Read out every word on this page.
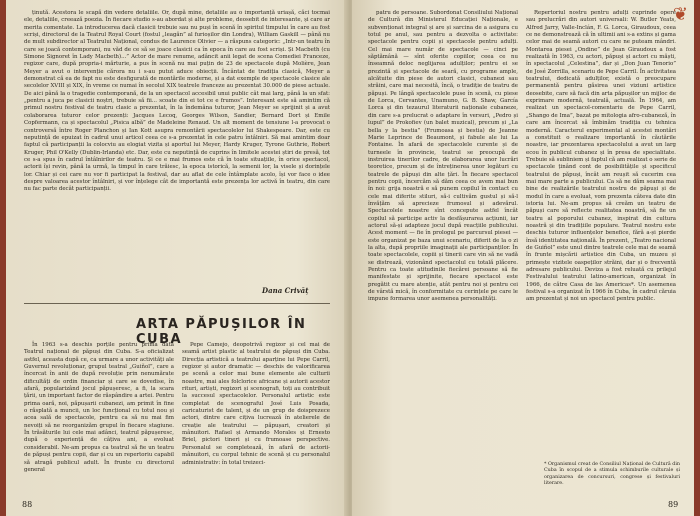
ținută. Acestora le scapă din vedere detaliile. Or, după mine, detaliile au o importanță uriașă, căci tocmai ele, detaliile, creează poezia. În fiecare studio s-au abordat și alte probleme, deosebit de interesante, și care ar merita comentate. La introducerea dacă clasicii trebuie sau nu puși în scenă în spiritul timpului în care au fost scriși, directorul de la Teatrul Royal Court (fostul „leagăn” al furioșilor din Londra), William Gaskill — până nu de mult subdirector al Teatrului Național, condus de Laurence Olivier — a răspuns categoric: „Intr-un teatru în care se joacă contemporani, nu văd de ce să se joace clasicii ca în epoca în care au fost scriși. Și Macbeth (cu Simone Signoret în Lady Macbeth)...” Actor de mare renume, adâncit anii legat de scena Comediei Franceze, regizor care, după propria-i mărturie, a pus în scenă nu mai puțin de 23 de spectacole după Molière, Jean Meyer a avut o intervenție cărora nu i s-au putut aduce obiecții. Încântat de tradiția clasică, Meyer a demonstrat că ea de fapt nu este desfigurată de montările moderne, și a dat exemple de spectacole clasice ale secolelor XVIII și XIX, în vreme ce numai în secolul XIX teatrele franceze au prezentat 30.000 de piese actuale. De aici până la o tragedie contemporană, de la un spectacol accesibil unui public cât mai larg, până la un sfat: „pentru a juca pe clasicii noștri, trebuie să fii... scoate din ei tot ce e frumos”. Interesant este să amintim că primul nostru festival de teatru clasic a prezentat, în la îndemâna tuturor, Jean Meyer se sprijinit și a avut colaborarea tuturor celor prezenți: Jacques Lecoq, Georges Wilson, Sandier, Bernard Dort și Emile Copfermann, ca și spectacolul „Pisica albă” de Madeleine Renaud. Un alt moment de tensiune l-a provocat o controversă între Roger Planchon și Ian Kott asupra remontării spectacolelor lui Shakespeare. Dar, este cu neputință de epuizat în cadrul unui articol ceea ce s-a prezentat în cele patru întâlniri. Să mai amintim doar faptul că participanții la colocviu au elogiat vizita și aportul lui Meyer, Hardy Kruger, Tyrone Guthrie, Robert Kruger, Phil O'Kelly (Dublin-Irlanda) etc. Dar, este cu neputință de cuprins în limitele acestei știri de presă, tot ce s-a spus în cadrul întâlnirilor de teatru. Și ce e mai frumos este că în toate situațiile, în orice spectacol, actorii își revin, până la urmă, la timpul în care trăiesc, la epoca istorică, la semenii lor, la visele și dorințele lor. Chiar și cei care nu vor fi participat la festival, dar au aflat de cele întâmplate acolo, își vor face o idee despre valoarea acestor întâlniri, și vor înțelege cât de importantă este prezența lor activă în teatru, din care nu fac parte decât participanții.

Dana Crivăț
ARTA PĂPUȘILOR ÎN CUBA

În 1963 s-a deschis porțile pentru prima dată Teatrul național de păpuși din Cuba. S-a oficializat astfel, aceasta după ce, ca urmare a unor activități ale Guvernul revoluționar, grupul teatral „Guiñol”, care a încercat în anii de după revoluție prin nenumărate dificultăți de ordin financiar și care se dovedise, în afară, popularizând jocul păpușeresc, a fi, la scara țării, un important factor de răspândire a artei. Pentru prima oară, noi, păpușarii cubanezi, am primit în fine o răsplată a muncii, un loc funcțional cu totul nou și acea sală de spectacole, pentru ca să nu mai fim nevoiți să ne reorganizăm grupul în fiecare stagiune. În trăsăturile lui cele mai adânci, teatrul păpușeresc, după o experiență de câțiva ani, a evoluat considerabil. Ne-am propus ca teatrul să fie un teatru de păpuși pentru copii, dar și cu un repertoriu capabil să atragă publicul adult. În frunte cu directorul general

Pepe Camejo, deopotrivă regizor și cel mai de seamă artist plastic al teatrului de păpuși din Cuba. Direcția artistică a teatrului aparține lui Pepe Carril, regizor și autor dramatic — deschis de valorificarea pe scenă a celor mai bune elemente ale culturii noastre, mai ales folclorice africane și autorii acestor rituri, artiști, regizori și scenografi, toți au contribuit la succesul spectacolelor. Personalul artistic este completat de scenograful José Luis Posada, caricaturist de talent, și de un grup de doisprezece actori, dintre care cițiva lucrează în atelierele de creație ale teatrului — păpușari, creatori și mânuitori. Rafael și Armando Morales și Ernesto Briel, pictori tineri și cu frumoase perspective. Personalul se completează, în afară de actorii-mânuitori, cu corpul tehnic de scenă și cu personalul administrativ: în total treizeci-

88
❦

patru de persoane. Subordonat Consiliului Național de Cultură din Ministerul Educației Naționale, e subvenționat integral și are și sarcina de a asigura cu totul pe anul, sau pentru a dezvolta o activitate: spectacole pentru copii și spectacole pentru adulți. Cel mai mare număr de spectacole — cinci pe săptămână — sînt oferite copiilor, ceea ce nu înseamnă deloc neglijarea adulților; pentru ei se prezintă și spectacole de seară, cu programe ample, alcătuite din piese de autori clasici, cubanezi sau străini, care mai necesită, încă, o tradiție de teatru de păpuși. Pe lângă spectacolele puse în scenă, cu piese de Lorca, Cervantes, Unamuno, G. B. Shaw, García Lorca și din tezaurul literaturii naționale cubaneze, din care s-a prelucrat o adaptare în versuri, „Pedro și lupul” de Prokofiev (un balet muzical), precum și „La bella y la bestia” (Frumoasa și bestia) de Jeanne Marie Leprince de Beaumont, și fabule ale lui La Fontaine. În afară de spectacolele curente și de turneele în provincie, teatrul se preocupă de instruirea tinerilor cadre, de elaborarea unor lucrări teoretice, precum și de întreținerea unor legături cu teatrele de păpuși din alte țări. În fiecare spectacol pentru copii, încercăm să dăm ceea ce avem mai bun în noi: grija noastră e să punem copilul în contact cu cele mai diferite stiluri, să-i cultivăm gustul și să-l învățăm să aprecieze frumosul și adevărul. Spectacolele noastre sînt concepute astfel încât copilul să participe activ la desfășurarea acțiunii, iar actorul să-și adapteze jocul după reacțiile publicului. Acest moment — fie în prologul pe parcursul piesei — este organizat pe baza unui scenariu, diferit de la o zi la alta, după propriile imaginații ale participanților. În toate spectacolele, copiii și tinerii care vin să ne vadă se distrează, vizionând spectacolul cu totală plăcere. Pentru ca toate atitudinile fiecărei persoane să fie manifestate și sprijinite, fiecare spectacol este pregătit cu mare atenție, atât pentru noi și pentru cei de vârstă mică, în conformitate cu cerințele pe care le impune formarea unor asemenea personalități.

Repertoriul nostru pentru adulți cuprinde opere sau prelucrări din autori universali: W. Butler Yeats, Alfred Jarry, Valle-Inclán, F. G. Lorca, Giraudoux, ceea ce ne demonstrează că în ultimii ani s-a extins și gama celor mai de seamă autori cu care ne puteam mândri. Montarea piesei „Ondine” de Jean Giraudoux a fost realizată în 1963, cu actori, păpuși și actori cu măști, în spectacolul „Celestina”, dar și „Don Juan Tenorio” de José Zorrilla, scenariu de Pepe Carril. În activitatea teatrului, dedicată adulților, există o preocupare permanentă pentru găsirea unei viziuni artistice deosebite, care să facă din arta păpușilor un mijloc de exprimare modernă, teatrală, actuală. În 1964, am realizat un spectacol-comentariu de Pepe Carril, „Shango de Ima”, bazat pe mitologia afro-cubaneză, în care am încercat să îmbinăm tradiția cu tehnica modernă. Caracterul experimental al acestei montări a constituit o realizare importantă în căutările noastre, iar prezentarea spectacolului a avut un larg ecou în publicul cubanez și în presa de specialitate. Trebuie să subliniem și faptul că am realizat o serie de spectacole ținând cont de posibilitățile și specificul teatrului de păpuși, încât am reușit să cucerim cea mai mare parte a publicului. Ca să ne dăm seama mai bine de realizările teatrului nostru de păpuși și de modul în care a evoluat, vom prezenta câteva date din istoria lui. Ne-am propus să creăm un teatru de păpuși care să reflecte realitatea noastră, să fie un teatru al poporului cubanez, inspirat din cultura noastră și din tradițiile populare. Teatrul nostru este deschis tuturor influențelor benefice, fără a-și pierde însă identitatea națională. În prezent, „Teatro nacional de Guiñol” este unul dintre teatrele cele mai de seamă în frunte mișcării artistice din Cuba, un muzeu și primește vizitele oaspeților străini, dar și o frecventă adresare publicului. Deviza a fost reluată cu prilejul Festivalului teatrului latino-american, organizat în 1966, de către Casa de las Americas*. Un asemenea festival s-a organizat în 1966 în Cuba, în cadrul căruia am prezentat și noi un spectacol pentru public.

89
* Organismul creat de Consiliul Național de Cultură din Cuba în scopul de a stimula schimburile culturale și organizarea de concursuri, congrese și festivaluri literare.
